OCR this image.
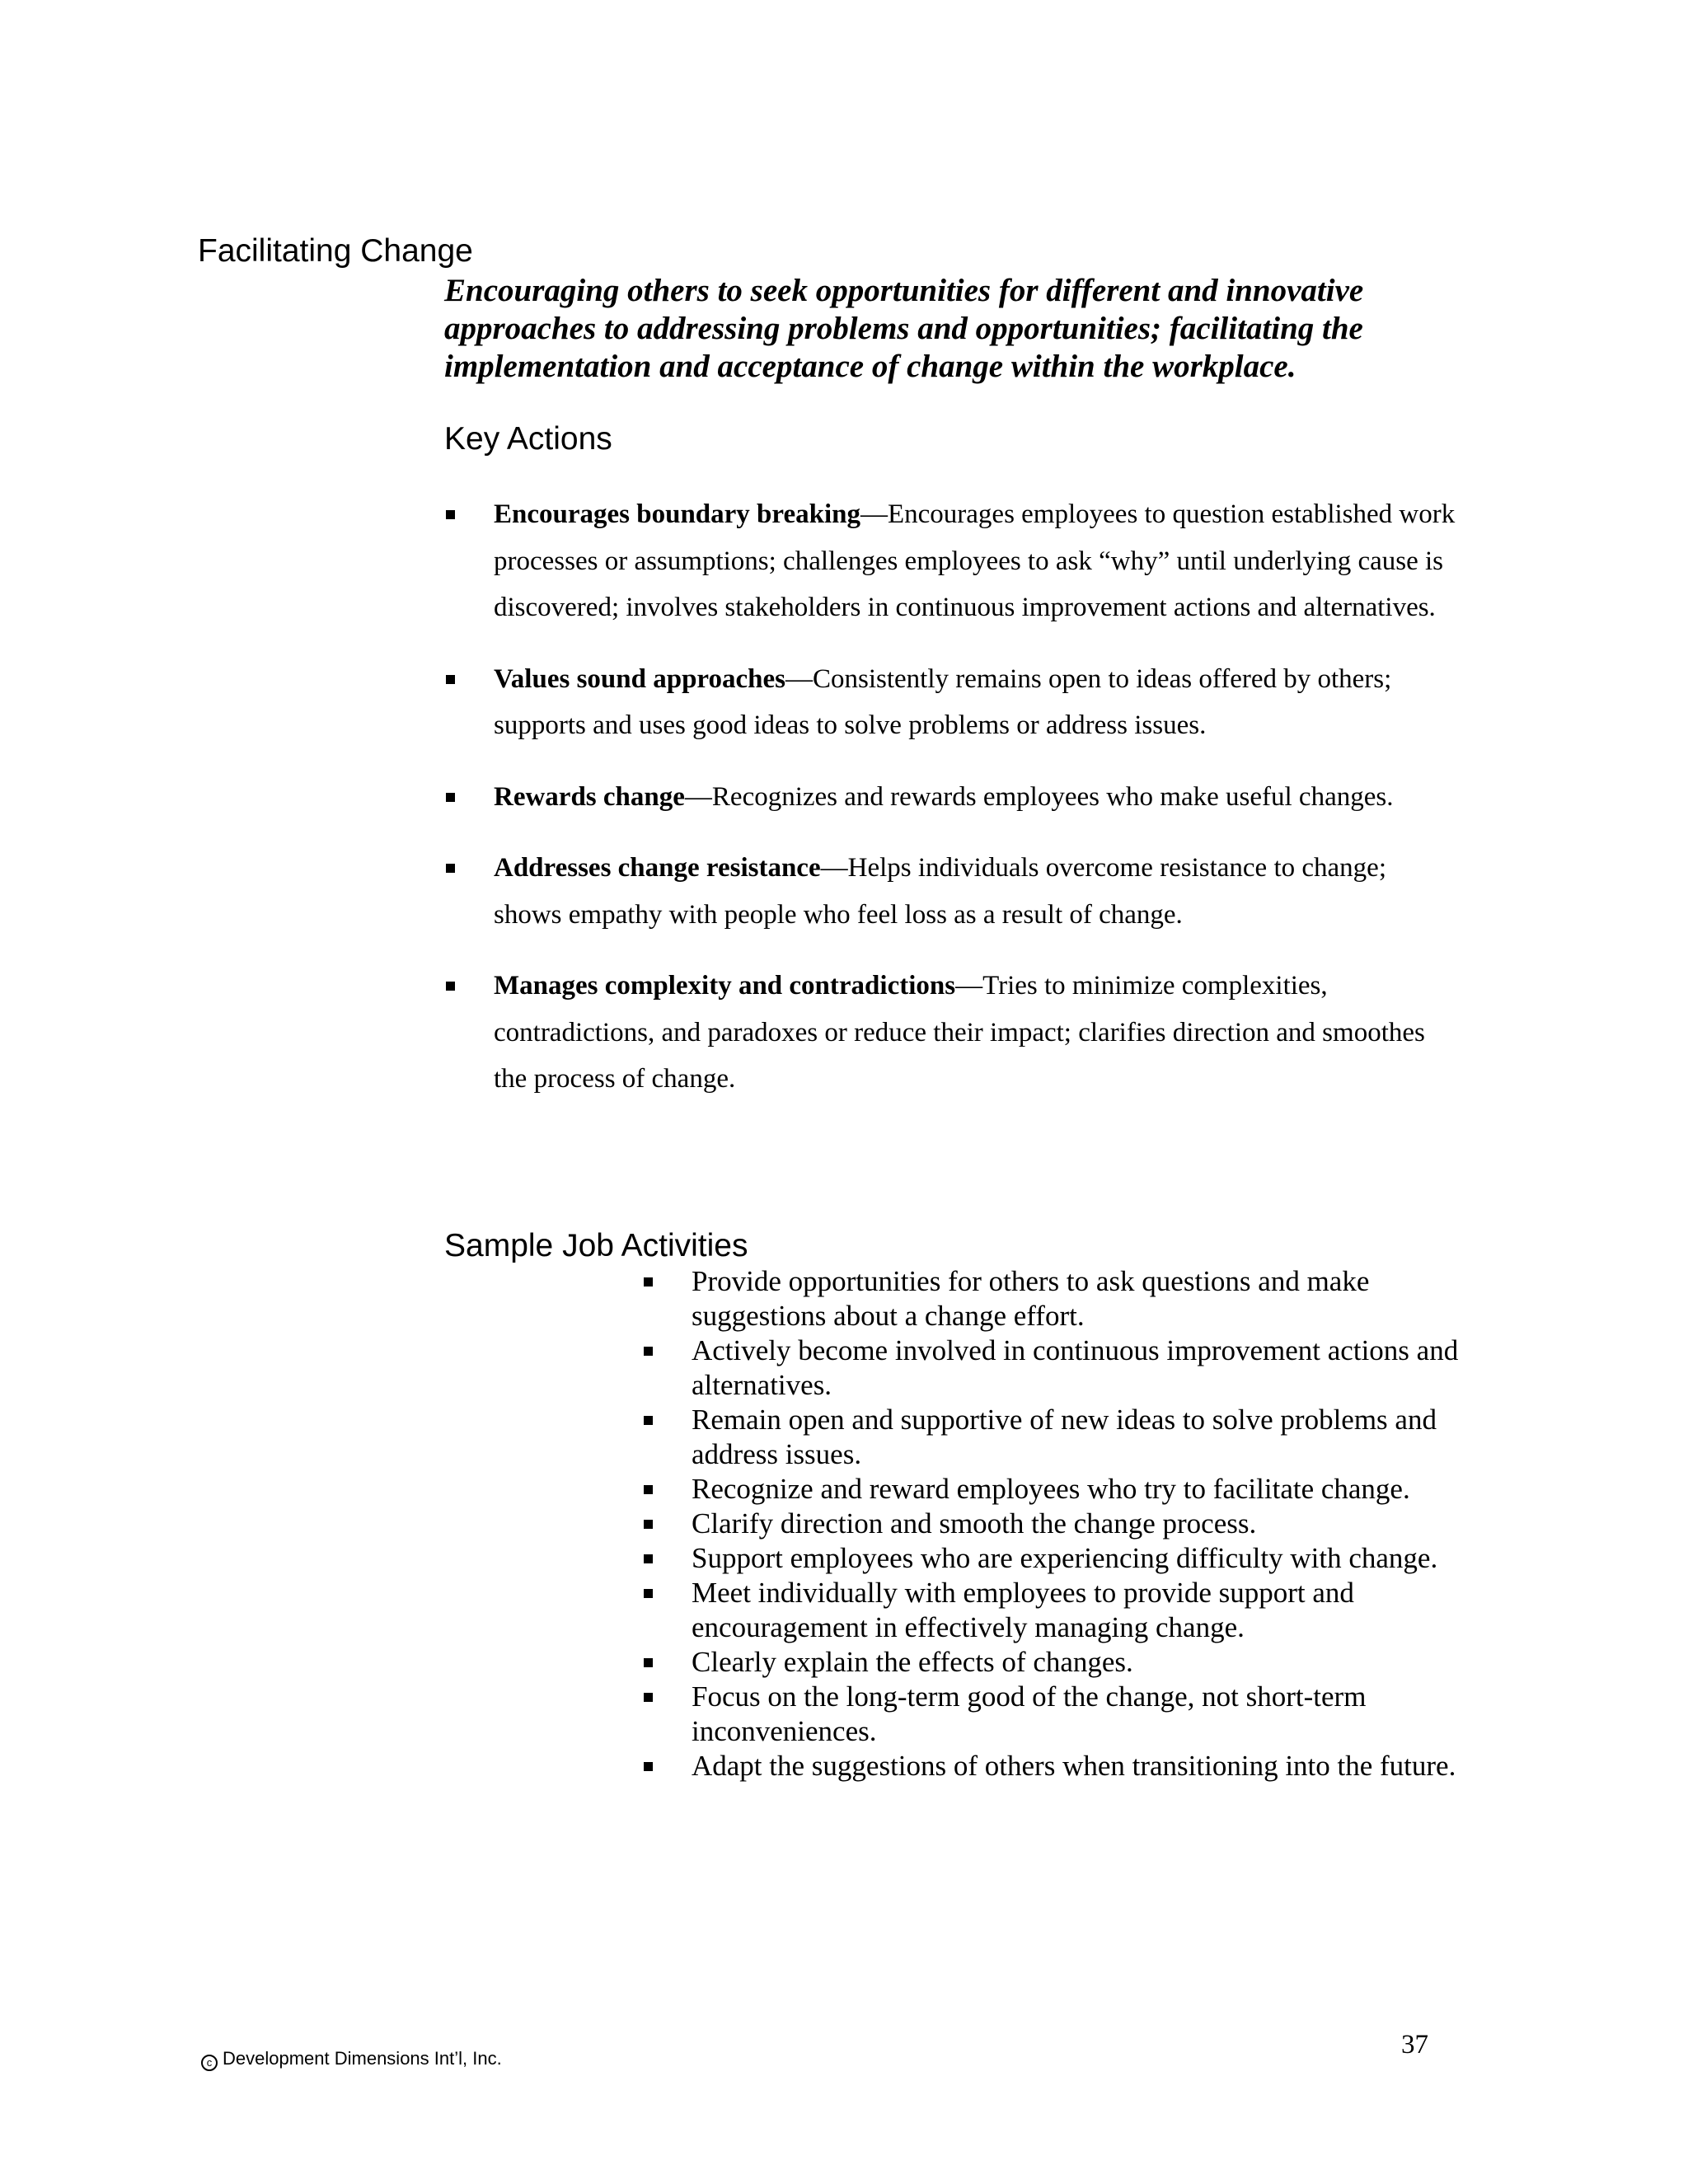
Facilitating Change

Encouraging others to seek opportunities for different and innovative approaches to addressing problems and opportunities; facilitating the implementation and acceptance of change within the workplace.

Key Actions
Encourages boundary breaking—Encourages employees to question established work processes or assumptions; challenges employees to ask “why” until underlying cause is discovered; involves stakeholders in continuous improvement actions and alternatives.
Values sound approaches—Consistently remains open to ideas offered by others; supports and uses good ideas to solve problems or address issues.
Rewards change—Recognizes and rewards employees who make useful changes.
Addresses change resistance—Helps individuals overcome resistance to change; shows empathy with people who feel loss as a result of change.
Manages complexity and contradictions—Tries to minimize complexities, contradictions, and paradoxes or reduce their impact; clarifies direction and smoothes the process of change.
Sample Job Activities
Provide opportunities for others to ask questions and make suggestions about a change effort.
Actively become involved in continuous improvement actions and alternatives.
Remain open and supportive of new ideas to solve problems and address issues.
Recognize and reward employees who try to facilitate change.
Clarify direction and smooth the change process.
Support employees who are experiencing difficulty with change.
Meet individually with employees to provide support and encouragement in effectively managing change.
Clearly explain the effects of changes.
Focus on the long-term good of the change, not short-term inconveniences.
Adapt the suggestions of others when transitioning into the future.
c Development Dimensions Int’l, Inc.	37
